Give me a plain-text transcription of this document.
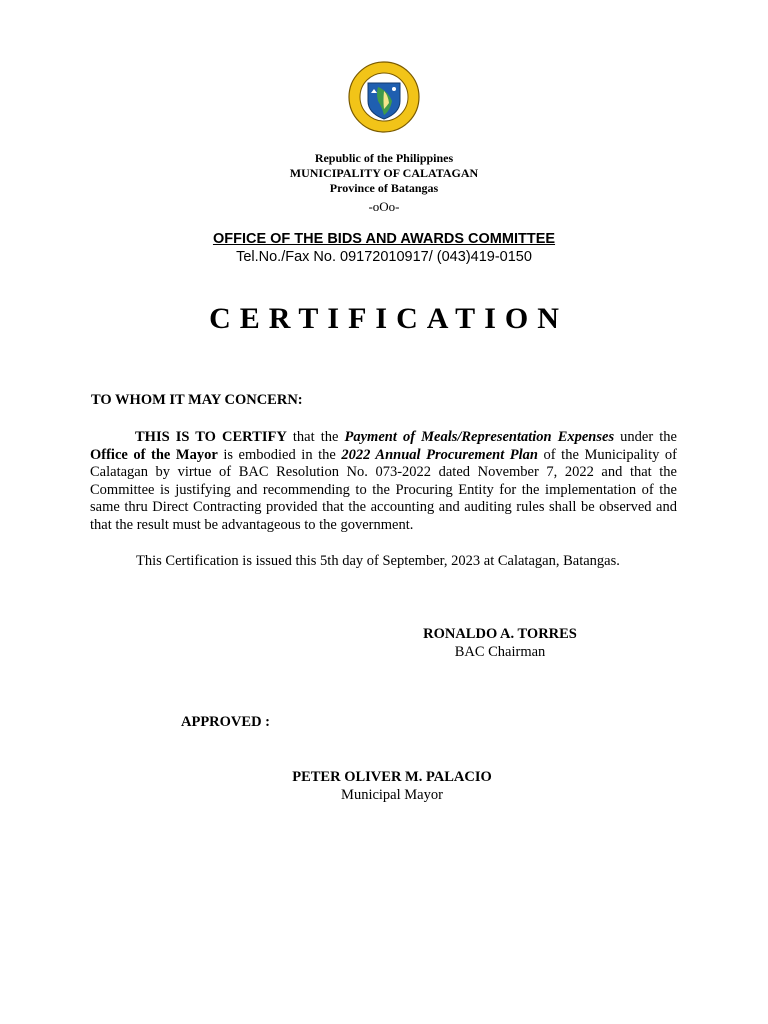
Republic of the Philippines
MUNICIPALITY OF CALATAGAN
Province of Batangas
-oOo-
OFFICE OF THE BIDS AND AWARDS COMMITTEE
Tel.No./Fax No. 09172010917/ (043)419-0150
CERTIFICATION
TO WHOM IT MAY CONCERN:

THIS IS TO CERTIFY that the Payment of Meals/Representation Expenses under the Office of the Mayor is embodied in the 2022 Annual Procurement Plan of the Municipality of Calatagan by virtue of BAC Resolution No. 073-2022 dated November 7, 2022 and that the Committee is justifying and recommending to the Procuring Entity for the implementation of the same thru Direct Contracting provided that the accounting and auditing rules shall be observed and that the result must be advantageous to the government.

This Certification is issued this 5th day of September, 2023 at Calatagan, Batangas.
RONALDO A. TORRES
BAC Chairman
APPROVED :
PETER OLIVER M. PALACIO
Municipal Mayor
